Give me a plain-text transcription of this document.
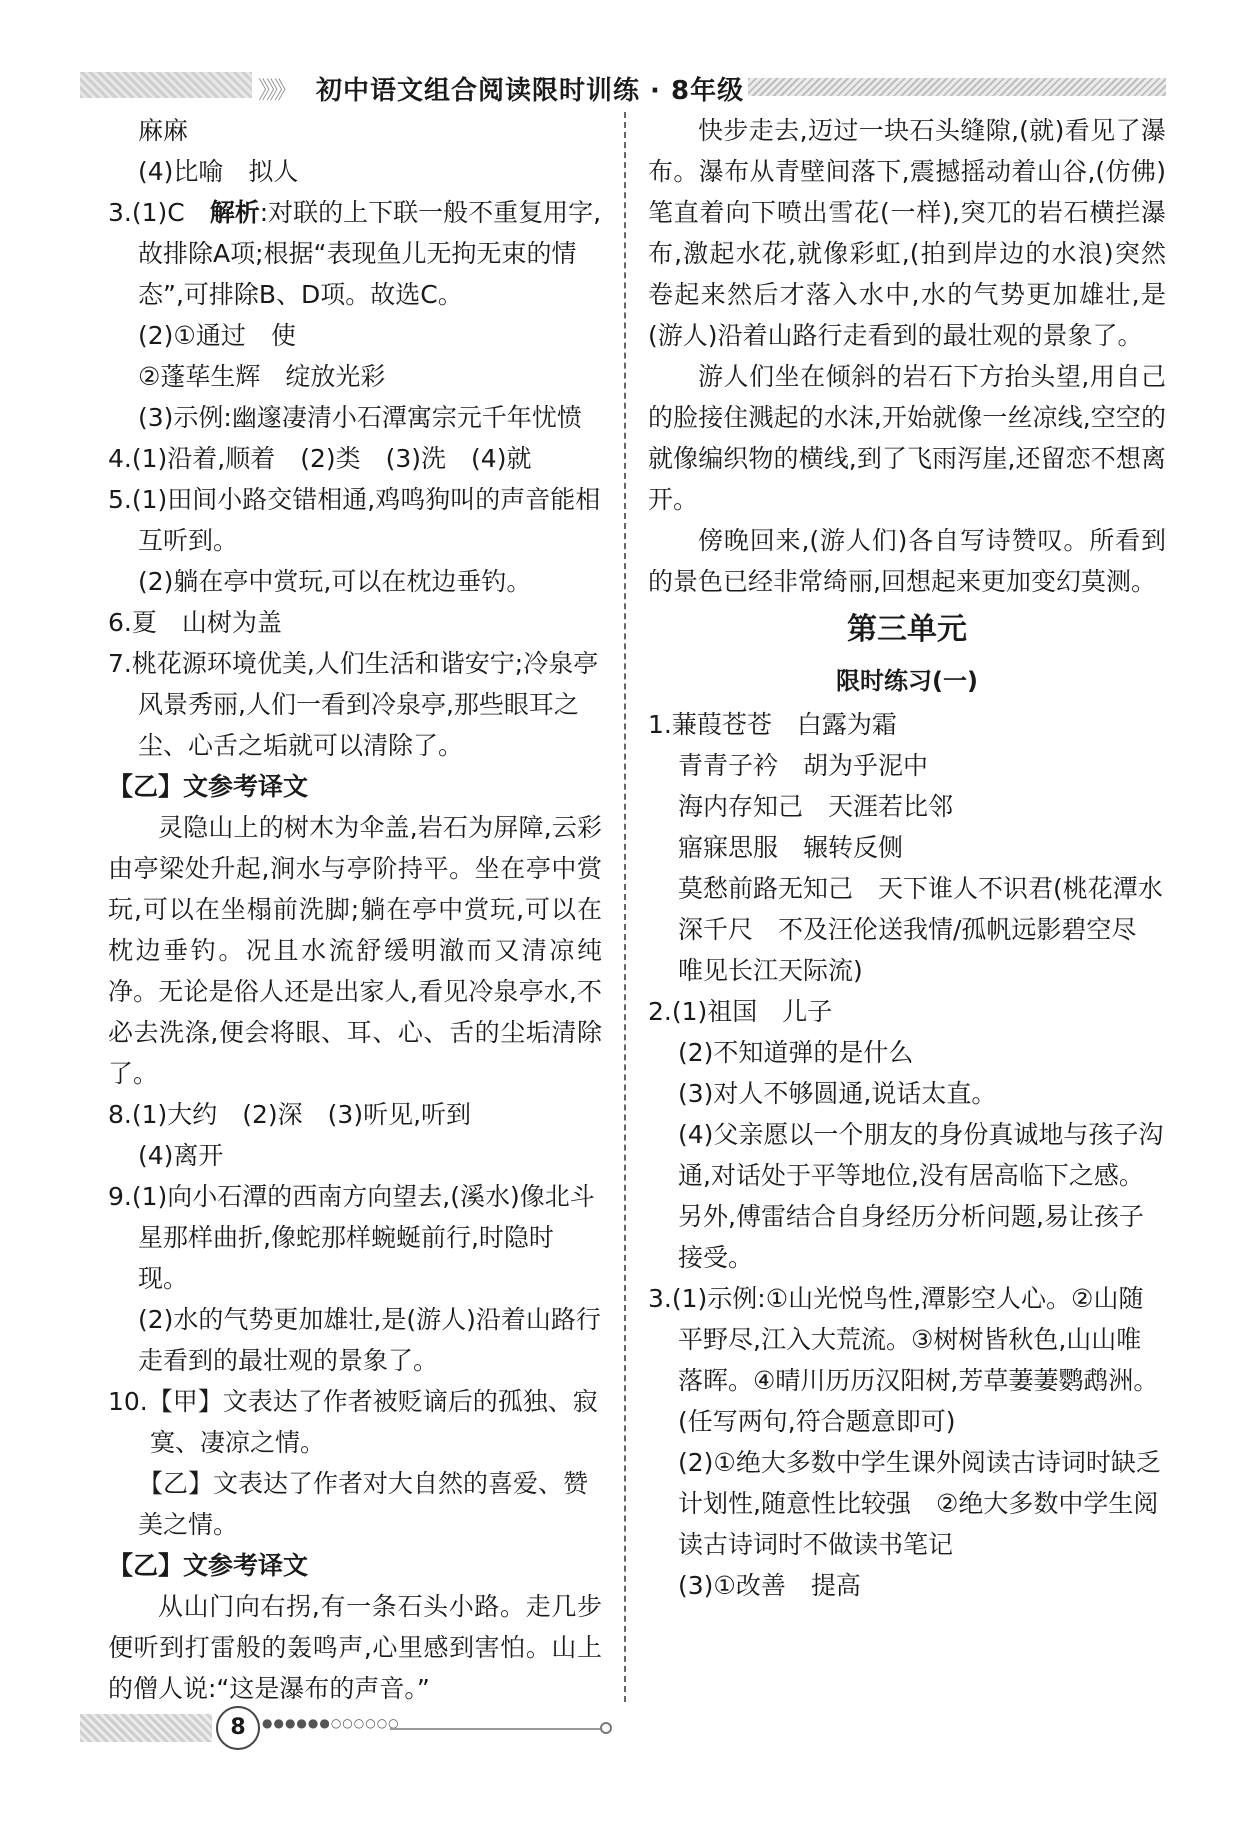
》》》 初中语文组合阅读限时训练 · 8年级

麻麻

(4)比喻　拟人

3.(1)C　解析:对联的上下联一般不重复用字,故排除A项;根据“表现鱼儿无拘无束的情态”,可排除B、D项。故选C。

(2)①通过　使

②蓬荜生辉　绽放光彩

(3)示例:幽邃凄清小石潭寓宗元千年忧愤

4.(1)沿着,顺着　(2)类　(3)洗　(4)就

5.(1)田间小路交错相通,鸡鸣狗叫的声音能相互听到。

(2)躺在亭中赏玩,可以在枕边垂钓。

6.夏　山树为盖

7.桃花源环境优美,人们生活和谐安宁;冷泉亭风景秀丽,人们一看到冷泉亭,那些眼耳之尘、心舌之垢就可以清除了。

【乙】文参考译文

灵隐山上的树木为伞盖,岩石为屏障,云彩由亭梁处升起,涧水与亭阶持平。坐在亭中赏玩,可以在坐榻前洗脚;躺在亭中赏玩,可以在枕边垂钓。况且水流舒缓明澈而又清凉纯净。无论是俗人还是出家人,看见冷泉亭水,不必去洗涤,便会将眼、耳、心、舌的尘垢清除了。

8.(1)大约　(2)深　(3)听见,听到

(4)离开

9.(1)向小石潭的西南方向望去,(溪水)像北斗星那样曲折,像蛇那样蜿蜒前行,时隐时现。

(2)水的气势更加雄壮,是(游人)沿着山路行走看到的最壮观的景象了。

10.【甲】文表达了作者被贬谪后的孤独、寂寞、凄凉之情。

【乙】文表达了作者对大自然的喜爱、赞美之情。

【乙】文参考译文

从山门向右拐,有一条石头小路。走几步便听到打雷般的轰鸣声,心里感到害怕。山上的僧人说:“这是瀑布的声音。”

快步走去,迈过一块石头缝隙,(就)看见了瀑布。瀑布从青壁间落下,震撼摇动着山谷,(仿佛)笔直着向下喷出雪花(一样),突兀的岩石横拦瀑布,激起水花,就像彩虹,(拍到岸边的水浪)突然卷起来然后才落入水中,水的气势更加雄壮,是(游人)沿着山路行走看到的最壮观的景象了。

游人们坐在倾斜的岩石下方抬头望,用自己的脸接住溅起的水沫,开始就像一丝凉线,空空的就像编织物的横线,到了飞雨泻崖,还留恋不想离开。

傍晚回来,(游人们)各自写诗赞叹。所看到的景色已经非常绮丽,回想起来更加变幻莫测。

第三单元

限时练习(一)

1.蒹葭苍苍　白露为霜

青青子衿　胡为乎泥中

海内存知己　天涯若比邻

寤寐思服　辗转反侧

莫愁前路无知己　天下谁人不识君(桃花潭水深千尺　不及汪伦送我情/孤帆远影碧空尽　唯见长江天际流)

2.(1)祖国　儿子

(2)不知道弹的是什么

(3)对人不够圆通,说话太直。

(4)父亲愿以一个朋友的身份真诚地与孩子沟通,对话处于平等地位,没有居高临下之感。另外,傅雷结合自身经历分析问题,易让孩子接受。

3.(1)示例:①山光悦鸟性,潭影空人心。②山随平野尽,江入大荒流。③树树皆秋色,山山唯落晖。④晴川历历汉阳树,芳草萋萋鹦鹉洲。(任写两句,符合题意即可)

(2)①绝大多数中学生课外阅读古诗词时缺乏计划性,随意性比较强　②绝大多数中学生阅读古诗词时不做读书笔记

(3)①改善　提高

8	●●●●●●○○○○○○
